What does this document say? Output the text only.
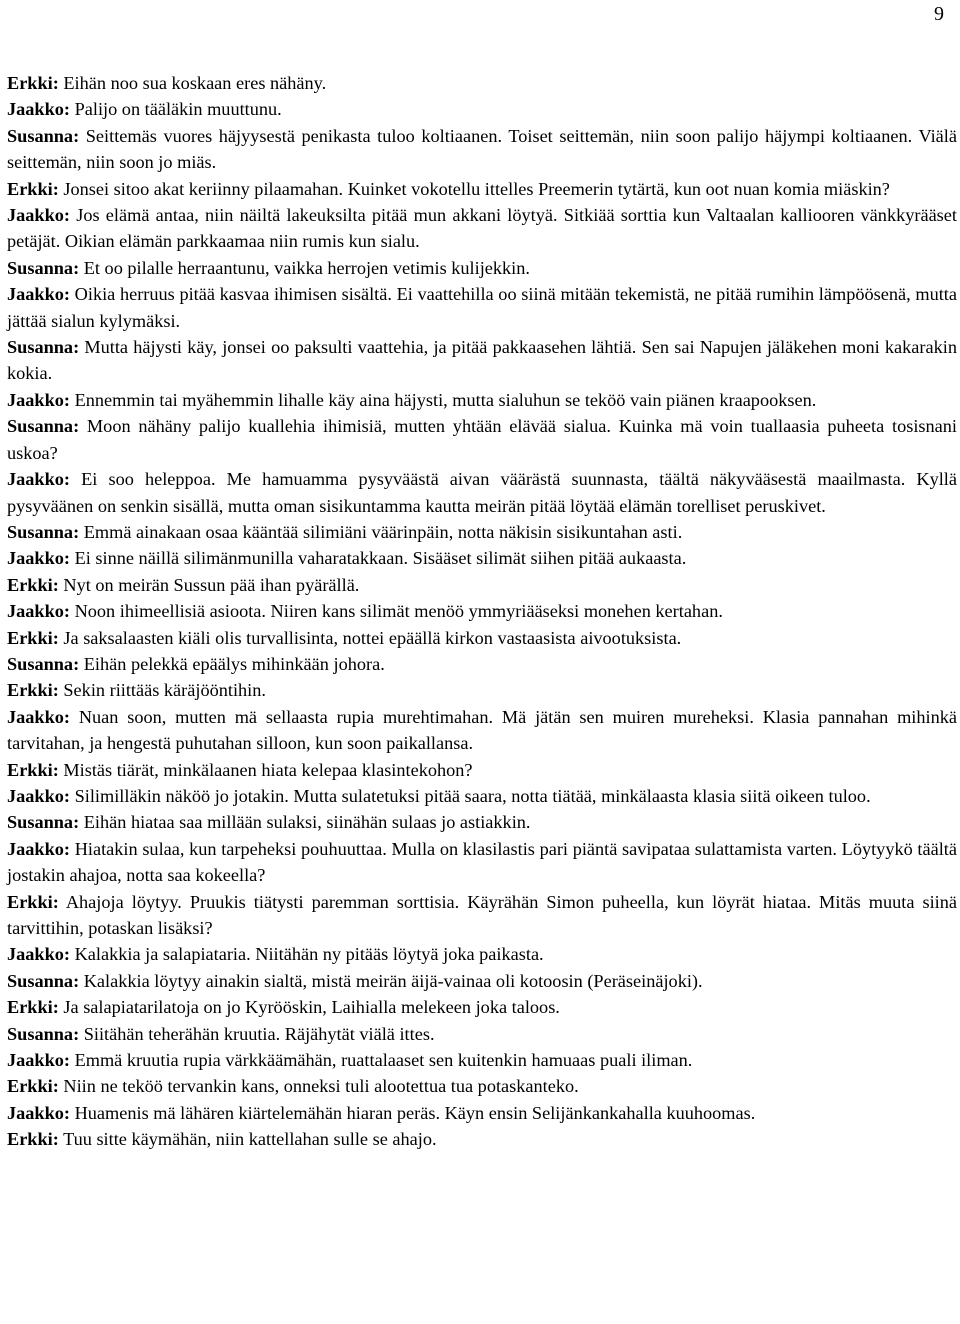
9

Erkki: Eihän noo sua koskaan eres nähäny.

Jaakko: Palijo on tääläkin muuttunu.

Susanna: Seittemäs vuores häjyysestä penikasta tuloo koltiaanen. Toiset seittemän, niin soon palijo häjympi koltiaanen. Viälä seittemän, niin soon jo miäs.

Erkki: Jonsei sitoo akat keriinny pilaamahan. Kuinket vokotellu ittelles Preemerin tytärtä, kun oot nuan komia miäskin?

Jaakko: Jos elämä antaa, niin näiltä lakeuksilta pitää mun akkani löytyä. Sitkiää sorttia kun Valtaalan kalliooren vänkkyrääset petäjät. Oikian elämän parkkaamaa niin rumis kun sialu.

Susanna: Et oo pilalle herraantunu, vaikka herrojen vetimis kulijekkin.

Jaakko: Oikia herruus pitää kasvaa ihimisen sisältä. Ei vaattehilla oo siinä mitään tekemistä, ne pitää rumihin lämpöösenä, mutta jättää sialun kylymäksi.

Susanna: Mutta häjysti käy, jonsei oo paksulti vaattehia, ja pitää pakkaasehen lähtiä. Sen sai Napujen jäläkehen moni kakarakin kokia.

Jaakko: Ennemmin tai myähemmin lihalle käy aina häjysti, mutta sialuhun se teköö vain piänen kraapooksen.

Susanna: Moon nähäny palijo kuallehia ihimisiä, mutten yhtään elävää sialua. Kuinka mä voin tuallaasia puheeta tosisnani uskoa?

Jaakko: Ei soo heleppoa. Me hamuamma pysyväästä aivan väärästä suunnasta, täältä näkyvääsestä maailmasta. Kyllä pysyväänen on senkin sisällä, mutta oman sisikuntamma kautta meirän pitää löytää elämän torelliset peruskivet.

Susanna: Emmä ainakaan osaa kääntää silimiäni väärinpäin, notta näkisin sisikuntahan asti.

Jaakko: Ei sinne näillä silimänmunilla vaharatakkaan. Sisääset silimät siihen pitää aukaasta.

Erkki: Nyt on meirän Sussun pää ihan pyärällä.

Jaakko: Noon ihimeellisiä asioota. Niiren kans silimät menöö ymmyriääseksi monehen kertahan.

Erkki: Ja saksalaasten kiäli olis turvallisinta, nottei epäällä kirkon vastaasista aivootuksista.

Susanna: Eihän pelekkä epäälys mihinkään johora.

Erkki: Sekin riittääs käräjööntihin.

Jaakko: Nuan soon, mutten mä sellaasta rupia murehtimahan. Mä jätän sen muiren mureheksi. Klasia pannahan mihinkä tarvitahan, ja hengestä puhutahan silloon, kun soon paikallansa.

Erkki: Mistäs tiärät, minkälaanen hiata kelepaa klasintekohon?

Jaakko: Silimilläkin näköö jo jotakin. Mutta sulatetuksi pitää saara, notta tiätää, minkälaasta klasia siitä oikeen tuloo.

Susanna: Eihän hiataa saa millään sulaksi, siinähän sulaas jo astiakkin.

Jaakko: Hiatakin sulaa, kun tarpeheksi pouhuuttaa. Mulla on klasilastis pari piäntä savipataa sulattamista varten. Löytyykö täältä jostakin ahajoa, notta saa kokeella?

Erkki: Ahajoja löytyy. Pruukis tiätysti paremman sorttisia. Käyrähän Simon puheella, kun löyrät hiataa. Mitäs muuta siinä tarvittihin, potaskan lisäksi?

Jaakko: Kalakkia ja salapiataria. Niitähän ny pitääs löytyä joka paikasta.

Susanna: Kalakkia löytyy ainakin sialtä, mistä meirän äijä-vainaa oli kotoosin (Peräseinäjoki).

Erkki: Ja salapiatarilatoja on jo Kyrööskin, Laihialla melekeen joka taloos.

Susanna: Siitähän teherähän kruutia. Räjähytät viälä ittes.

Jaakko: Emmä kruutia rupia värkkäämähän, ruattalaaset sen kuitenkin hamuaas puali iliman.

Erkki: Niin ne teköö tervankin kans, onneksi tuli alootettua tua potaskanteko.

Jaakko: Huamenis mä lähären kiärtelemähän hiaran peräs. Käyn ensin Selijänkankahalla kuuhoomas.

Erkki: Tuu sitte käymähän, niin kattellahan sulle se ahajo.
